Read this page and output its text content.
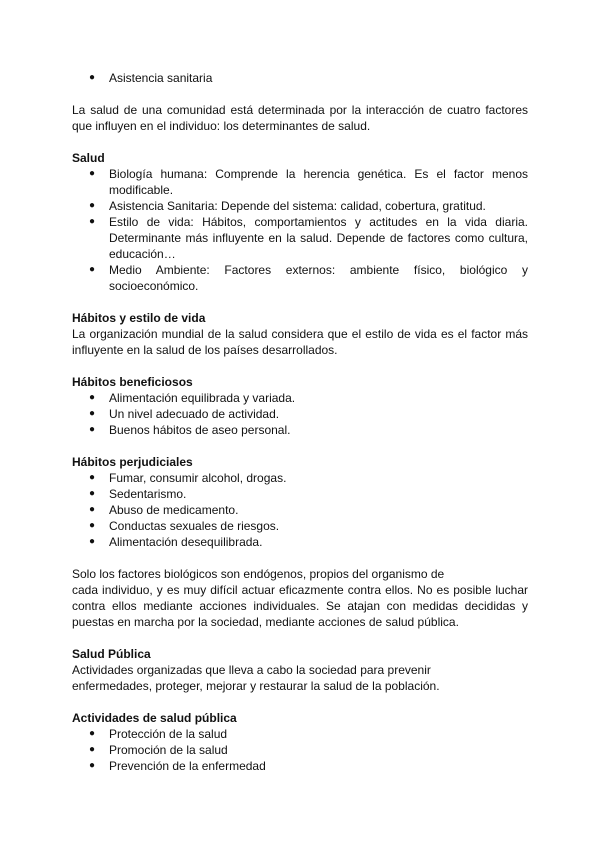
● Asistencia sanitaria

La salud de una comunidad está determinada por la interacción de cuatro factores que influyen en el individuo: los determinantes de salud.

Salud
● Biología humana: Comprende la herencia genética. Es el factor menos modificable.
● Asistencia Sanitaria: Depende del sistema: calidad, cobertura, gratitud.
● Estilo de vida: Hábitos, comportamientos y actitudes en la vida diaria. Determinante más influyente en la salud. Depende de factores como cultura, educación…
● Medio Ambiente: Factores externos: ambiente físico, biológico y socioeconómico.
Hábitos y estilo de vida

La organización mundial de la salud considera que el estilo de vida es el factor más influyente en la salud de los países desarrollados.

Hábitos beneficiosos
● Alimentación equilibrada y variada.
● Un nivel adecuado de actividad.
● Buenos hábitos de aseo personal.
Hábitos perjudiciales
● Fumar, consumir alcohol, drogas.
● Sedentarismo.
● Abuso de medicamento.
● Conductas sexuales de riesgos.
● Alimentación desequilibrada.

Solo los factores biológicos son endógenos, propios del organismo de

cada individuo, y es muy difícil actuar eficazmente contra ellos. No es posible luchar contra ellos mediante acciones individuales. Se atajan con medidas decididas y puestas en marcha por la sociedad, mediante acciones de salud pública.

Salud Pública

Actividades organizadas que lleva a cabo la sociedad para prevenir

enfermedades, proteger, mejorar y restaurar la salud de la población.

Actividades de salud pública
● Protección de la salud
● Promoción de la salud
● Prevención de la enfermedad
